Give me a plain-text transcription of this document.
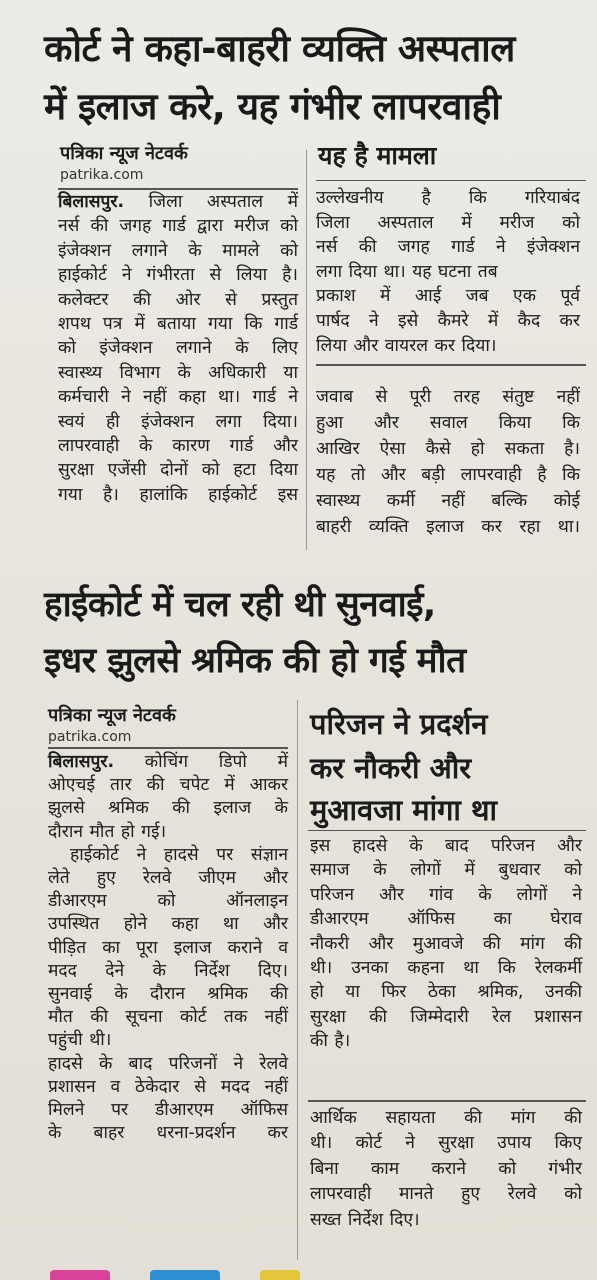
कोर्ट ने कहा-बाहरी व्यक्ति अस्पताल
में इलाज करे, यह गंभीर लापरवाही
पत्रिका न्यूज नेटवर्क
patrika.com
बिलासपुर. जिला अस्पताल में
नर्स की जगह गार्ड द्वारा मरीज को
इंजेक्शन लगाने के मामले को
हाईकोर्ट ने गंभीरता से लिया है।
कलेक्टर की ओर से प्रस्तुत
शपथ पत्र में बताया गया कि गार्ड
को इंजेक्शन लगाने के लिए
स्वास्थ्य विभाग के अधिकारी या
कर्मचारी ने नहीं कहा था। गार्ड ने
स्वयं ही इंजेक्शन लगा दिया।
लापरवाही के कारण गार्ड और
सुरक्षा एजेंसी दोनों को हटा दिया
गया है। हालांकि हाईकोर्ट इस
यह है मामला
उल्लेखनीय है कि गरियाबंद
जिला अस्पताल में मरीज को
नर्स की जगह गार्ड ने इंजेक्शन
लगा दिया था। यह घटना तब
प्रकाश में आई जब एक पूर्व
पार्षद ने इसे कैमरे में कैद कर
लिया और वायरल कर दिया।
जवाब से पूरी तरह संतुष्ट नहीं
हुआ और सवाल किया कि
आखिर ऐसा कैसे हो सकता है।
यह तो और बड़ी लापरवाही है कि
स्वास्थ्य कर्मी नहीं बल्कि कोई
बाहरी व्यक्ति इलाज कर रहा था।
हाईकोर्ट में चल रही थी सुनवाई,
इधर झुलसे श्रमिक की हो गई मौत
पत्रिका न्यूज नेटवर्क
patrika.com
बिलासपुर. कोचिंग डिपो में
ओएचई तार की चपेट में आकर
झुलसे श्रमिक की इलाज के
दौरान मौत हो गई।
हाईकोर्ट ने हादसे पर संज्ञान
लेते हुए रेलवे जीएम और
डीआरएम को ऑनलाइन
उपस्थित होने कहा था और
पीड़ित का पूरा इलाज कराने व
मदद देने के निर्देश दिए।
सुनवाई के दौरान श्रमिक की
मौत की सूचना कोर्ट तक नहीं
पहुंची थी।
हादसे के बाद परिजनों ने रेलवे
प्रशासन व ठेकेदार से मदद नहीं
मिलने पर डीआरएम ऑफिस
के बाहर धरना-प्रदर्शन कर
परिजन ने प्रदर्शन
कर नौकरी और
मुआवजा मांगा था
इस हादसे के बाद परिजन और
समाज के लोगों में बुधवार को
परिजन और गांव के लोगों ने
डीआरएम ऑफिस का घेराव
नौकरी और मुआवजे की मांग की
थी। उनका कहना था कि रेलकर्मी
हो या फिर ठेका श्रमिक, उनकी
सुरक्षा की जिम्मेदारी रेल प्रशासन
की है।
आर्थिक सहायता की मांग की
थी। कोर्ट ने सुरक्षा उपाय किए
बिना काम कराने को गंभीर
लापरवाही मानते हुए रेलवे को
सख्त निर्देश दिए।
